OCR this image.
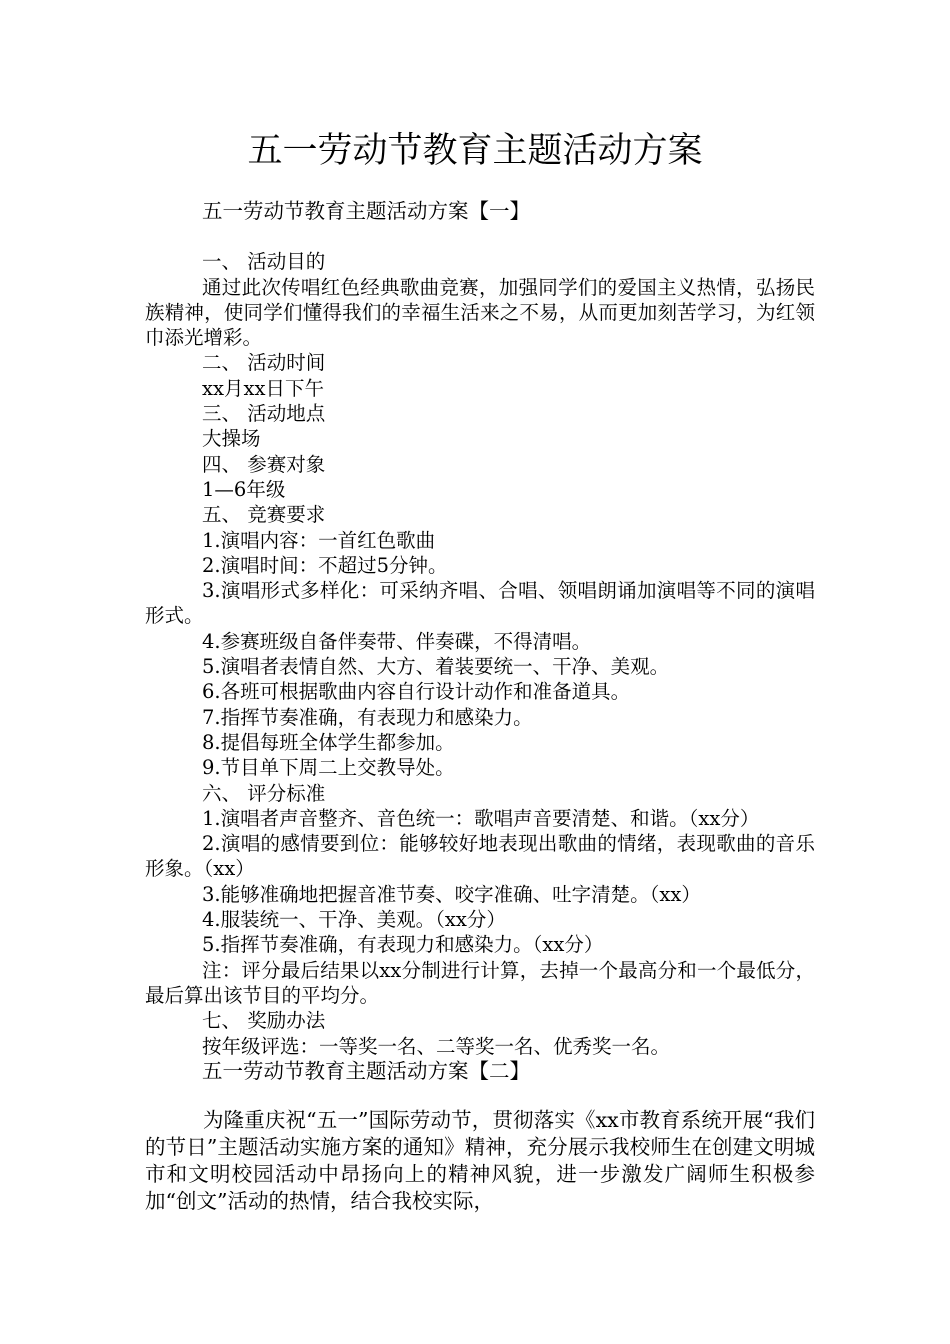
五一劳动节教育主题活动方案

五一劳动节教育主题活动方案【一】

一、 活动目的

通过此次传唱红色经典歌曲竞赛，加强同学们的爱国主义热情，弘扬民族精神，使同学们懂得我们的幸福生活来之不易，从而更加刻苦学习，为红领巾添光增彩。

二、 活动时间

xx月xx日下午

三、 活动地点

大操场

四、 参赛对象

1—6年级

五、 竞赛要求

1.演唱内容：一首红色歌曲

2.演唱时间：不超过5分钟。

3.演唱形式多样化：可采纳齐唱、合唱、领唱朗诵加演唱等不同的演唱形式。

4.参赛班级自备伴奏带、伴奏碟，不得清唱。

5.演唱者表情自然、大方、着装要统一、干净、美观。

6.各班可根据歌曲内容自行设计动作和准备道具。

7.指挥节奏准确，有表现力和感染力。

8.提倡每班全体学生都参加。

9.节目单下周二上交教导处。

六、 评分标准

1.演唱者声音整齐、音色统一：歌唱声音要清楚、和谐。（xx分）

2.演唱的感情要到位：能够较好地表现出歌曲的情绪，表现歌曲的音乐形象。（xx）

3.能够准确地把握音准节奏、咬字准确、吐字清楚。（xx）

4.服装统一、干净、美观。（xx分）

5.指挥节奏准确，有表现力和感染力。（xx分）

注：评分最后结果以xx分制进行计算，去掉一个最高分和一个最低分，最后算出该节目的平均分。

七、 奖励办法

按年级评选：一等奖一名、二等奖一名、优秀奖一名。

五一劳动节教育主题活动方案【二】

为隆重庆祝“五一”国际劳动节，贯彻落实《xx市教育系统开展“我们的节日”主题活动实施方案的通知》精神，充分展示我校师生在创建文明城市和文明校园活动中昂扬向上的精神风貌，进一步激发广阔师生积极参加“创文”活动的热情，结合我校实际，
